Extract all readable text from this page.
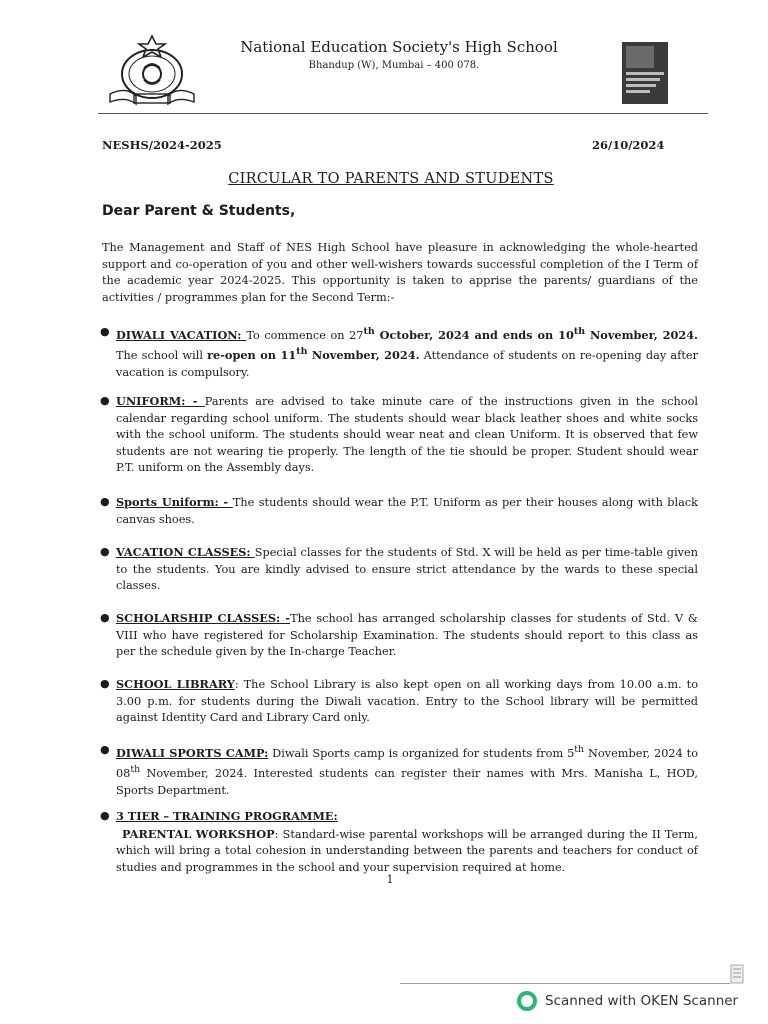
National Education Society's High School
Bhandup (W), Mumbai – 400 078.
NESHS/2024-2025	26/10/2024
CIRCULAR TO PARENTS AND STUDENTS
Dear Parent & Students,
The Management and Staff of NES High School have pleasure in acknowledging the whole-hearted support and co-operation of you and other well-wishers towards successful completion of the I Term of the academic year 2024-2025. This opportunity is taken to apprise the parents/ guardians of the activities / programmes plan for the Second Term:-
● DIWALI VACATION: To commence on 27th October, 2024 and ends on 10th November, 2024. The school will re-open on 11th November, 2024. Attendance of students on re-opening day after vacation is compulsory.
● UNIFORM: - Parents are advised to take minute care of the instructions given in the school calendar regarding school uniform. The students should wear black leather shoes and white socks with the school uniform. The students should wear neat and clean Uniform. It is observed that few students are not wearing tie properly. The length of the tie should be proper. Student should wear P.T. uniform on the Assembly days.
● Sports Uniform: - The students should wear the P.T. Uniform as per their houses along with black canvas shoes.
● VACATION CLASSES: Special classes for the students of Std. X will be held as per time-table given to the students. You are kindly advised to ensure strict attendance by the wards to these special classes.
● SCHOLARSHIP CLASSES: -The school has arranged scholarship classes for students of Std. V & VIII who have registered for Scholarship Examination. The students should report to this class as per the schedule given by the In-charge Teacher.
● SCHOOL LIBRARY: The School Library is also kept open on all working days from 10.00 a.m. to 3.00 p.m. for students during the Diwali vacation. Entry to the School library will be permitted against Identity Card and Library Card only.
● DIWALI SPORTS CAMP: Diwali Sports camp is organized for students from 5th November, 2024 to 08th November, 2024. Interested students can register their names with Mrs. Manisha L, HOD, Sports Department.
● 3 TIER – TRAINING PROGRAMME:
PARENTAL WORKSHOP: Standard-wise parental workshops will be arranged during the II Term, which will bring a total cohesion in understanding between the parents and teachers for conduct of studies and programmes in the school and your supervision required at home.
1
Scanned with OKEN Scanner
